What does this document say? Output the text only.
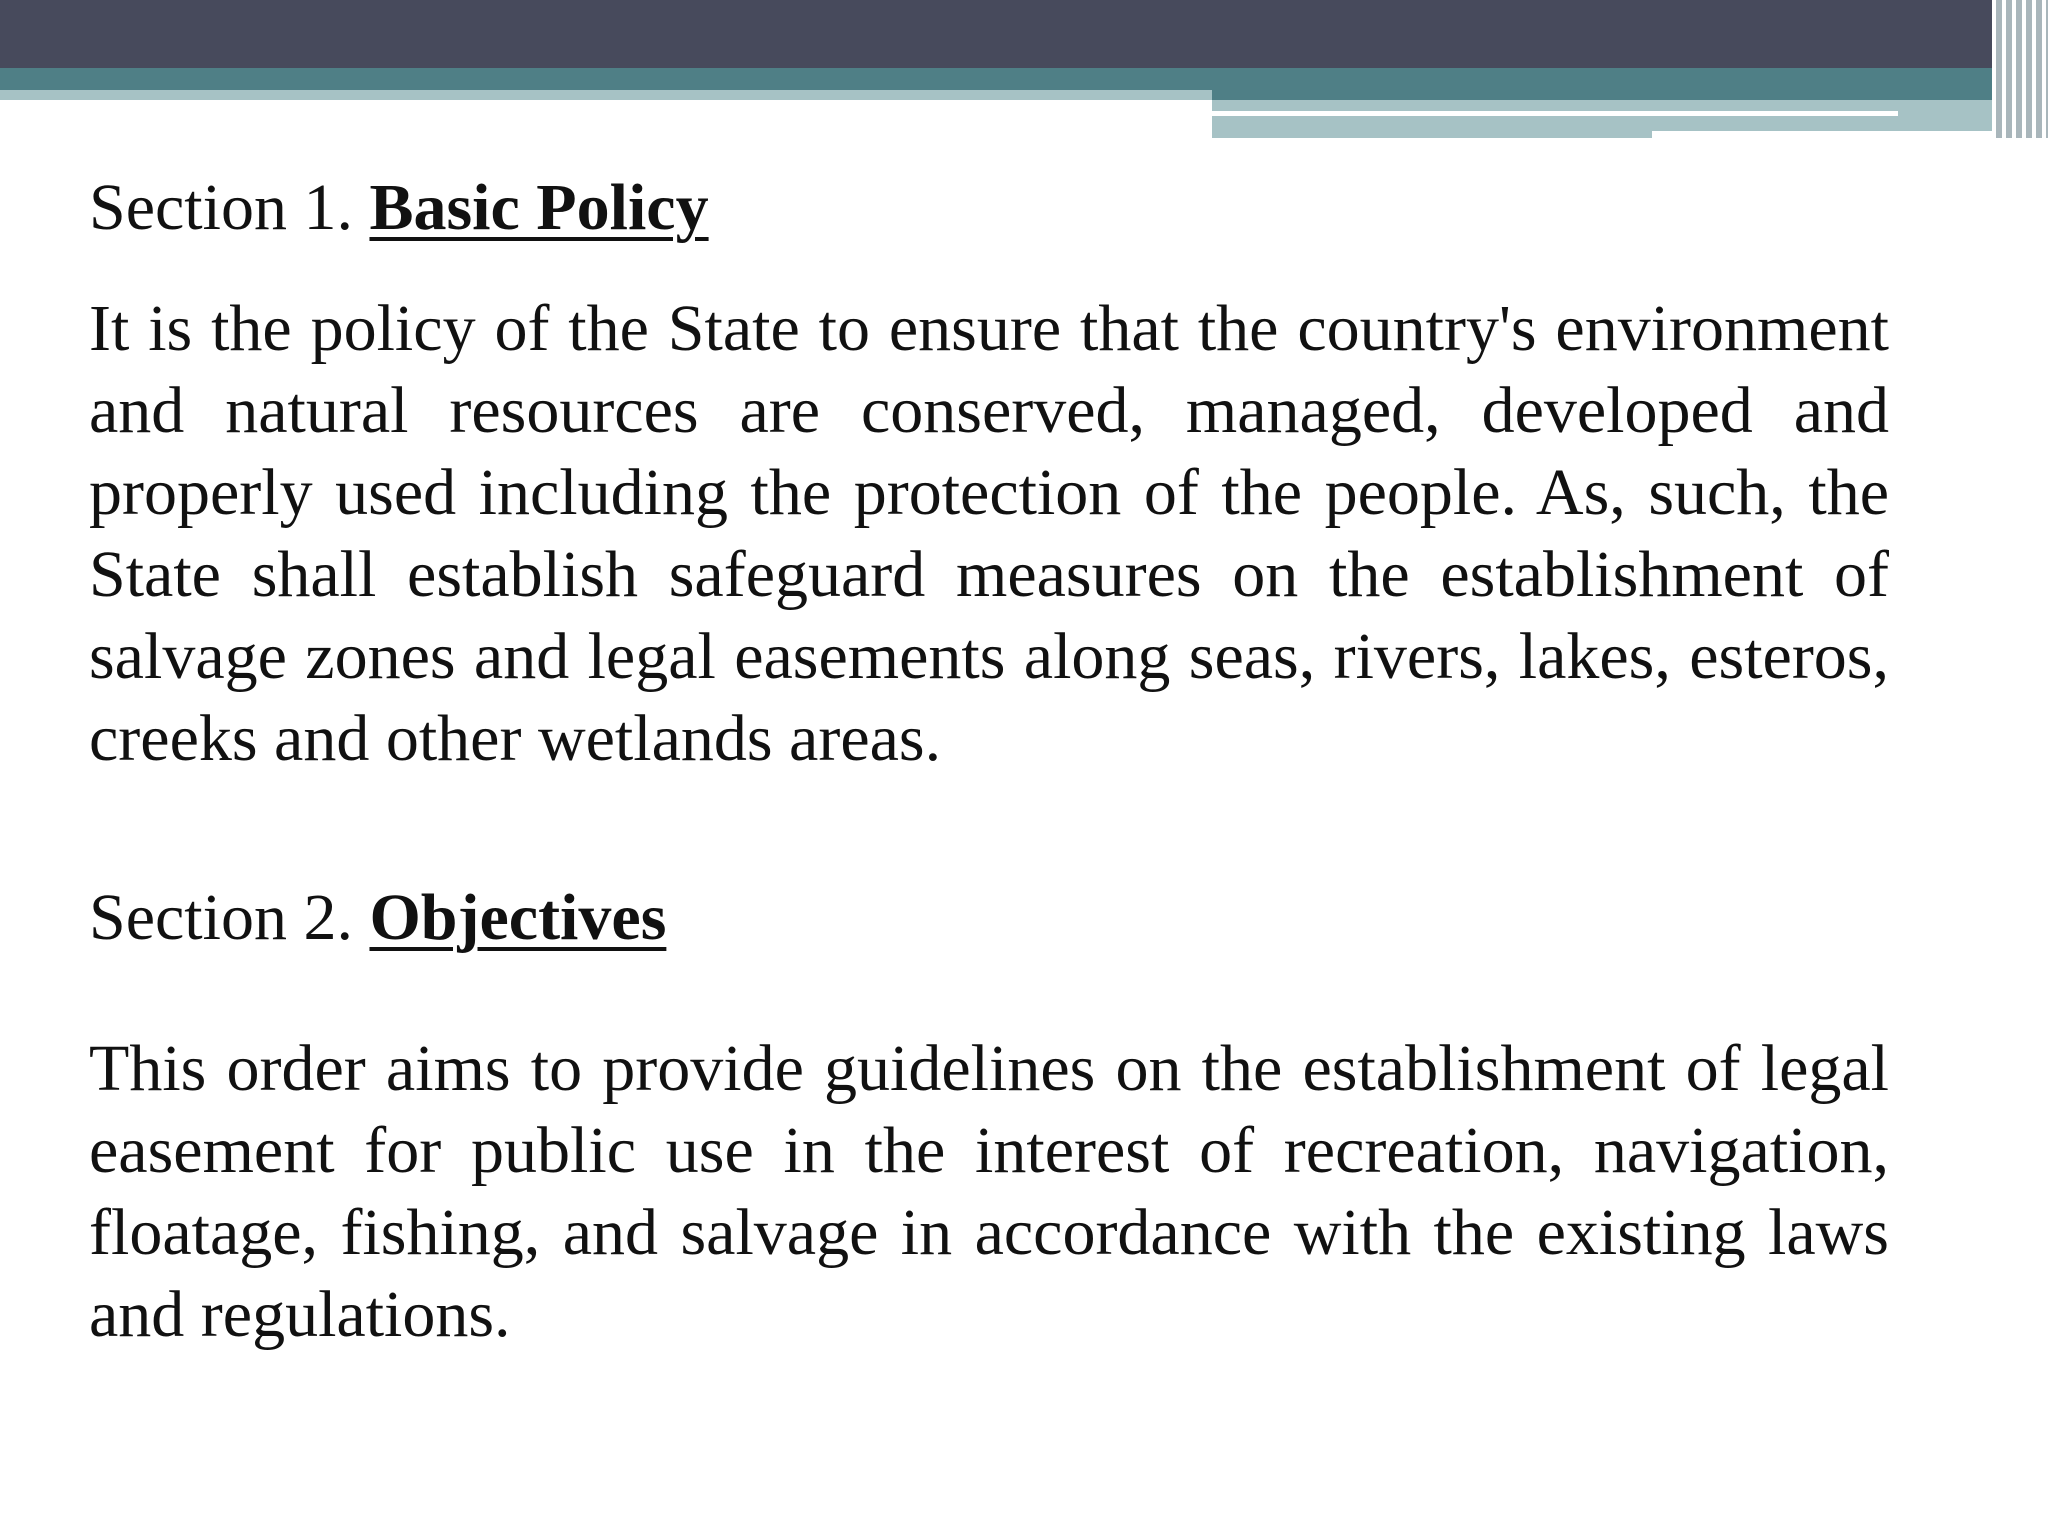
Section 1. Basic Policy

It is the policy of the State to ensure that the country's environment and natural resources are conserved, managed, developed and properly used including the protection of the people. As, such, the State shall establish safeguard measures on the establishment of salvage zones and legal easements along seas, rivers, lakes, esteros, creeks and other wetlands areas.

Section 2. Objectives

This order aims to provide guidelines on the establishment of legal easement for public use in the interest of recreation, navigation, floatage, fishing, and salvage in accordance with the existing laws and regulations.
